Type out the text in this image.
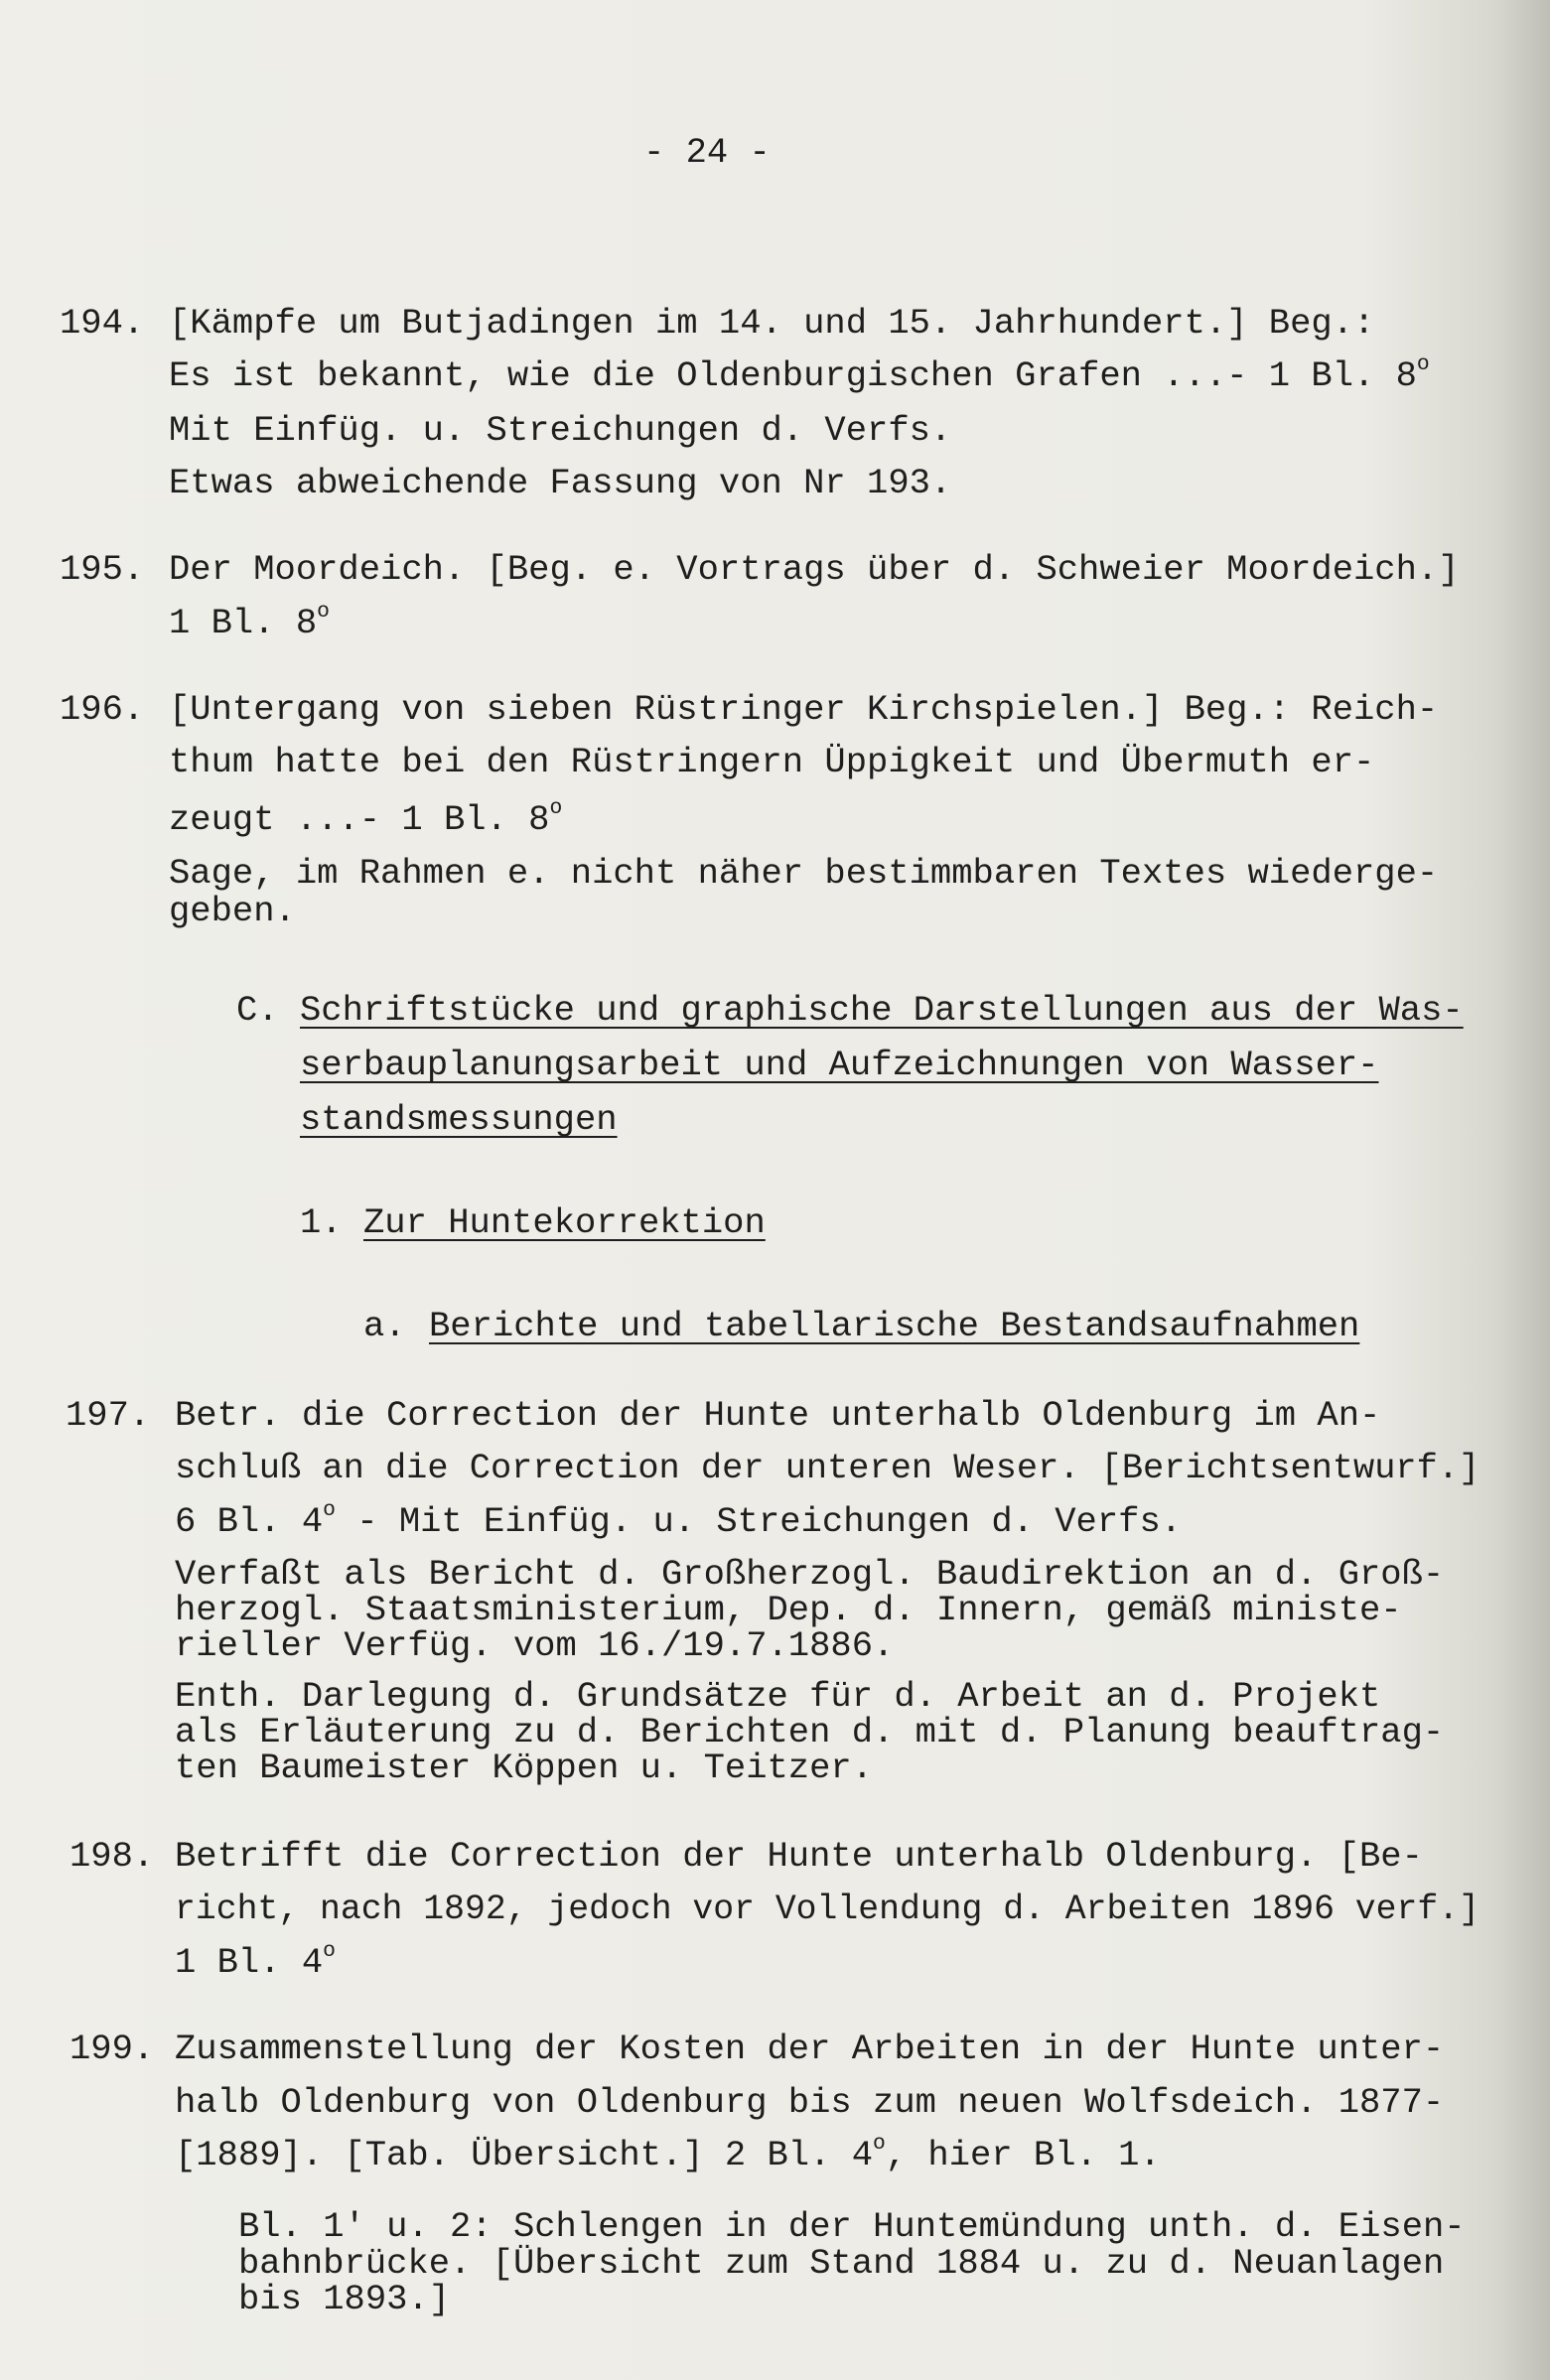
- 24 -
194. [Kämpfe um Butjadingen im 14. und 15. Jahrhundert.] Beg.:
Es ist bekannt, wie die Oldenburgischen Grafen ...- 1 Bl. 8$^o$
Mit Einfüg. u. Streichungen d. Verfs.
Etwas abweichende Fassung von Nr 193.
195. Der Moordeich. [Beg. e. Vortrags über d. Schweier Moordeich.]
1 Bl. 8$^o$
196. [Untergang von sieben Rüstringer Kirchspielen.] Beg.: Reich-
thum hatte bei den Rüstringern Üppigkeit und Übermuth er-
zeugt ...- 1 Bl. 8$^o$
Sage, im Rahmen e. nicht näher bestimmbaren Textes wiederge-
geben.
C. Schriftstücke und graphische Darstellungen aus der Was-
serbauplanungsarbeit und Aufzeichnungen von Wasser-
standsmessungen
1. Zur Huntekorrektion
a. Berichte und tabellarische Bestandsaufnahmen
197. Betr. die Correction der Hunte unterhalb Oldenburg im An-
schluß an die Correction der unteren Weser. [Berichtsentwurf.]
6 Bl. 4$^o$ - Mit Einfüg. u. Streichungen d. Verfs.
Verfaßt als Bericht d. Großherzogl. Baudirektion an d. Groß-
herzogl. Staatsministerium, Dep. d. Innern, gemäß ministe-
rieller Verfüg. vom 16./19.7.1886.
Enth. Darlegung d. Grundsätze für d. Arbeit an d. Projekt
als Erläuterung zu d. Berichten d. mit d. Planung beauftrag-
ten Baumeister Köppen u. Teitzer.
198. Betrifft die Correction der Hunte unterhalb Oldenburg. [Be-
richt, nach 1892, jedoch vor Vollendung d. Arbeiten 1896 verf.]
1 Bl. 4$^o$
199. Zusammenstellung der Kosten der Arbeiten in der Hunte unter-
halb Oldenburg von Oldenburg bis zum neuen Wolfsdeich. 1877-
[1889]. [Tab. Übersicht.] 2 Bl. 4$^o$, hier Bl. 1.
Bl. 1' u. 2: Schlengen in der Huntemündung unth. d. Eisen-
bahnbrücke. [Übersicht zum Stand 1884 u. zu d. Neuanlagen
bis 1893.]
